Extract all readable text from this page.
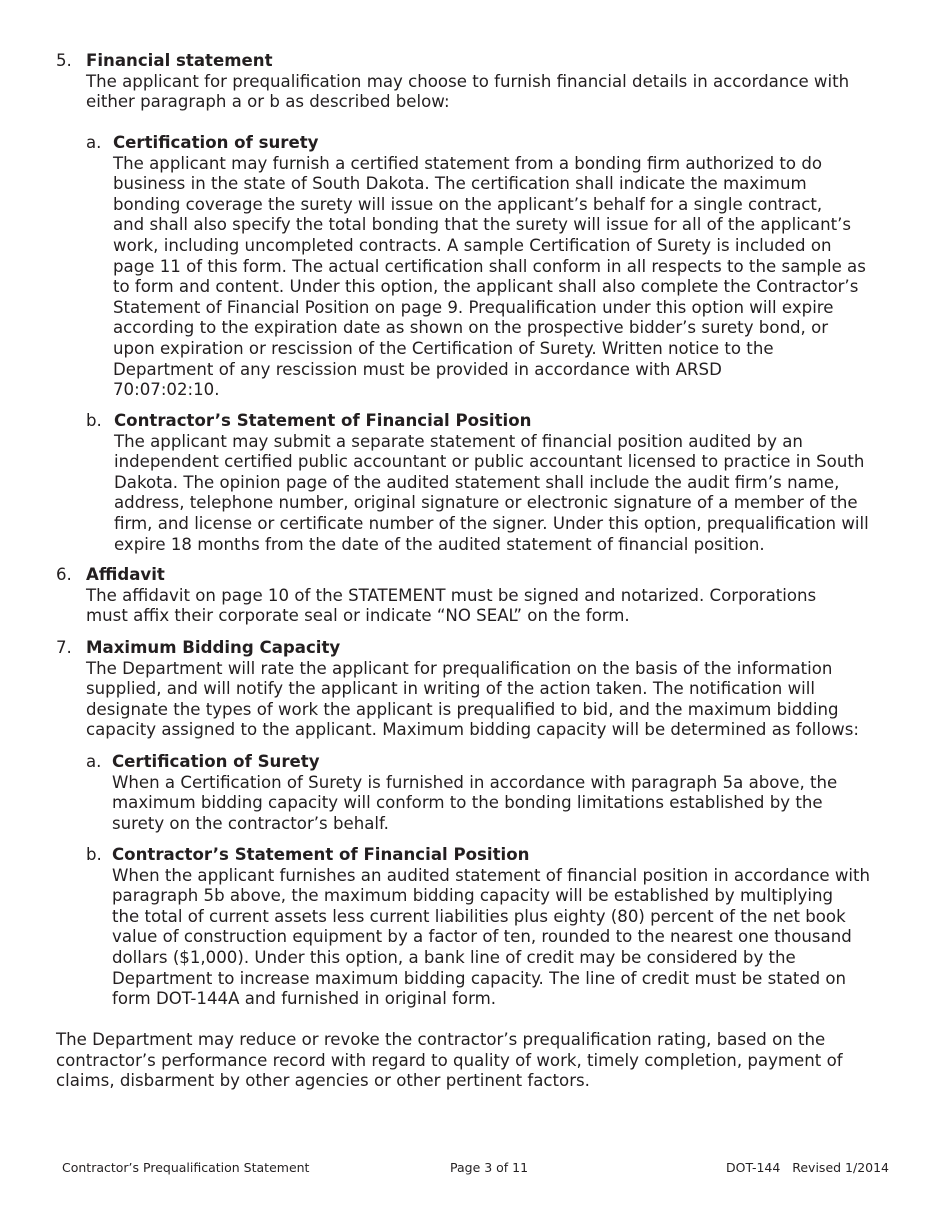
5. Financial statement
The applicant for prequalification may choose to furnish financial details in accordance with
either paragraph a or b as described below:
a. Certification of surety
The applicant may furnish a certified statement from a bonding firm authorized to do
business in the state of South Dakota. The certification shall indicate the maximum
bonding coverage the surety will issue on the applicant’s behalf for a single contract,
and shall also specify the total bonding that the surety will issue for all of the applicant’s
work, including uncompleted contracts. A sample Certification of Surety is included on
page 11 of this form. The actual certification shall conform in all respects to the sample as
to form and content. Under this option, the applicant shall also complete the Contractor’s
Statement of Financial Position on page 9. Prequalification under this option will expire
according to the expiration date as shown on the prospective bidder’s surety bond, or
upon expiration or rescission of the Certification of Surety. Written notice to the
Department of any rescission must be provided in accordance with ARSD
70:07:02:10.
b. Contractor’s Statement of Financial Position
The applicant may submit a separate statement of financial position audited by an
independent certified public accountant or public accountant licensed to practice in South
Dakota. The opinion page of the audited statement shall include the audit firm’s name,
address, telephone number, original signature or electronic signature of a member of the
firm, and license or certificate number of the signer. Under this option, prequalification will
expire 18 months from the date of the audited statement of financial position.
6. Affidavit
The affidavit on page 10 of the STATEMENT must be signed and notarized. Corporations
must affix their corporate seal or indicate “NO SEAL” on the form.
7. Maximum Bidding Capacity
The Department will rate the applicant for prequalification on the basis of the information
supplied, and will notify the applicant in writing of the action taken. The notification will
designate the types of work the applicant is prequalified to bid, and the maximum bidding
capacity assigned to the applicant. Maximum bidding capacity will be determined as follows:
a. Certification of Surety
When a Certification of Surety is furnished in accordance with paragraph 5a above, the
maximum bidding capacity will conform to the bonding limitations established by the
surety on the contractor’s behalf.
b. Contractor’s Statement of Financial Position
When the applicant furnishes an audited statement of financial position in accordance with
paragraph 5b above, the maximum bidding capacity will be established by multiplying
the total of current assets less current liabilities plus eighty (80) percent of the net book
value of construction equipment by a factor of ten, rounded to the nearest one thousand
dollars ($1,000). Under this option, a bank line of credit may be considered by the
Department to increase maximum bidding capacity. The line of credit must be stated on
form DOT-144A and furnished in original form.
The Department may reduce or revoke the contractor’s prequalification rating, based on the
contractor’s performance record with regard to quality of work, timely completion, payment of
claims, disbarment by other agencies or other pertinent factors.
Contractor’s Prequalification Statement	Page 3 of 11	DOT-144   Revised 1/2014
